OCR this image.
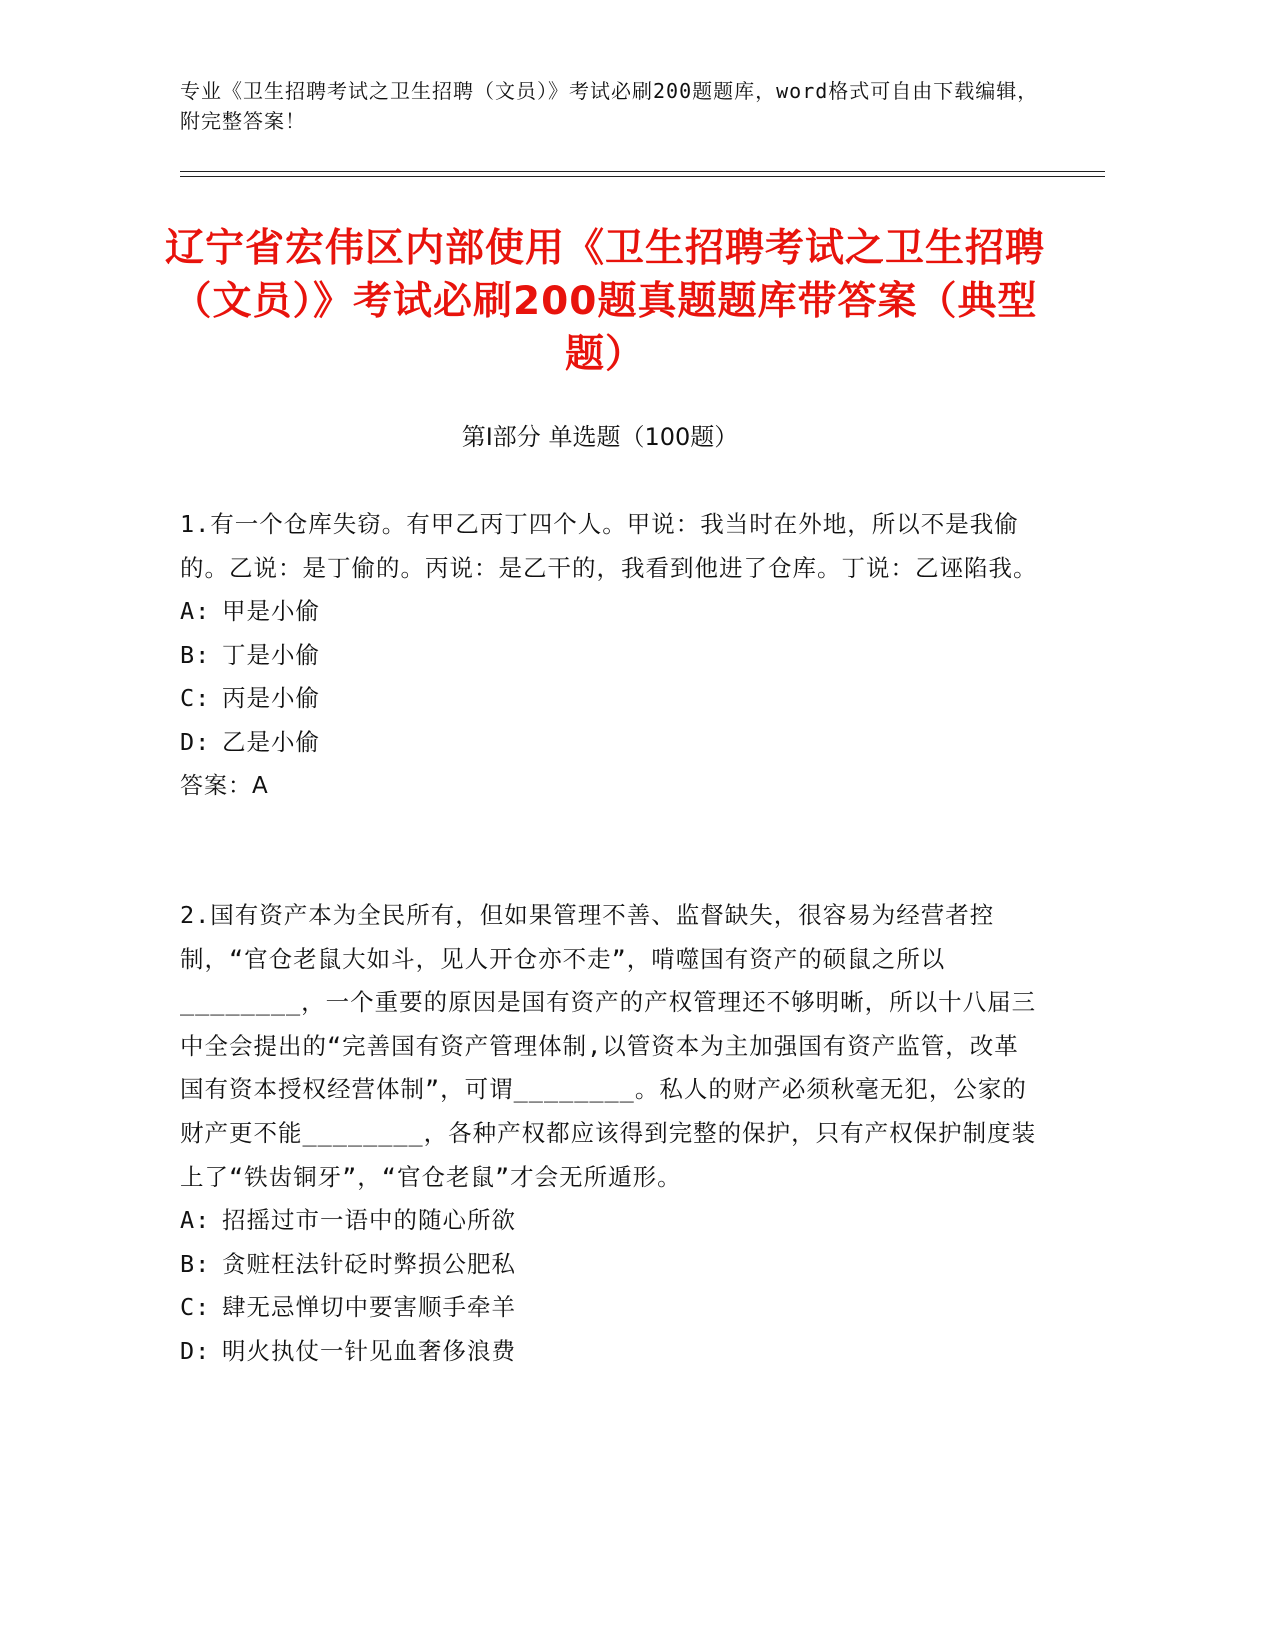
专业《卫生招聘考试之卫生招聘（文员）》考试必刷200题题库，word格式可自由下载编辑，附完整答案！
辽宁省宏伟区内部使用《卫生招聘考试之卫生招聘（文员）》考试必刷200题真题题库带答案（典型题）
第Ⅰ部分 单选题（100题）

1.有一个仓库失窃。有甲乙丙丁四个人。甲说：我当时在外地，所以不是我偷的。乙说：是丁偷的。丙说：是乙干的，我看到他进了仓库。丁说：乙诬陷我。

A: 甲是小偷

B: 丁是小偷

C: 丙是小偷

D: 乙是小偷

答案：A

2.国有资产本为全民所有，但如果管理不善、监督缺失，很容易为经营者控制，“官仓老鼠大如斗，见人开仓亦不走”，啃噬国有资产的硕鼠之所以________，一个重要的原因是国有资产的产权管理还不够明晰，所以十八届三中全会提出的“完善国有资产管理体制,以管资本为主加强国有资产监管，改革国有资本授权经营体制”，可谓________。私人的财产必须秋毫无犯，公家的财产更不能________，各种产权都应该得到完整的保护，只有产权保护制度装上了“铁齿铜牙”，“官仓老鼠”才会无所遁形。

A: 招摇过市一语中的随心所欲

B: 贪赃枉法针砭时弊损公肥私

C: 肆无忌惮切中要害顺手牵羊

D: 明火执仗一针见血奢侈浪费
